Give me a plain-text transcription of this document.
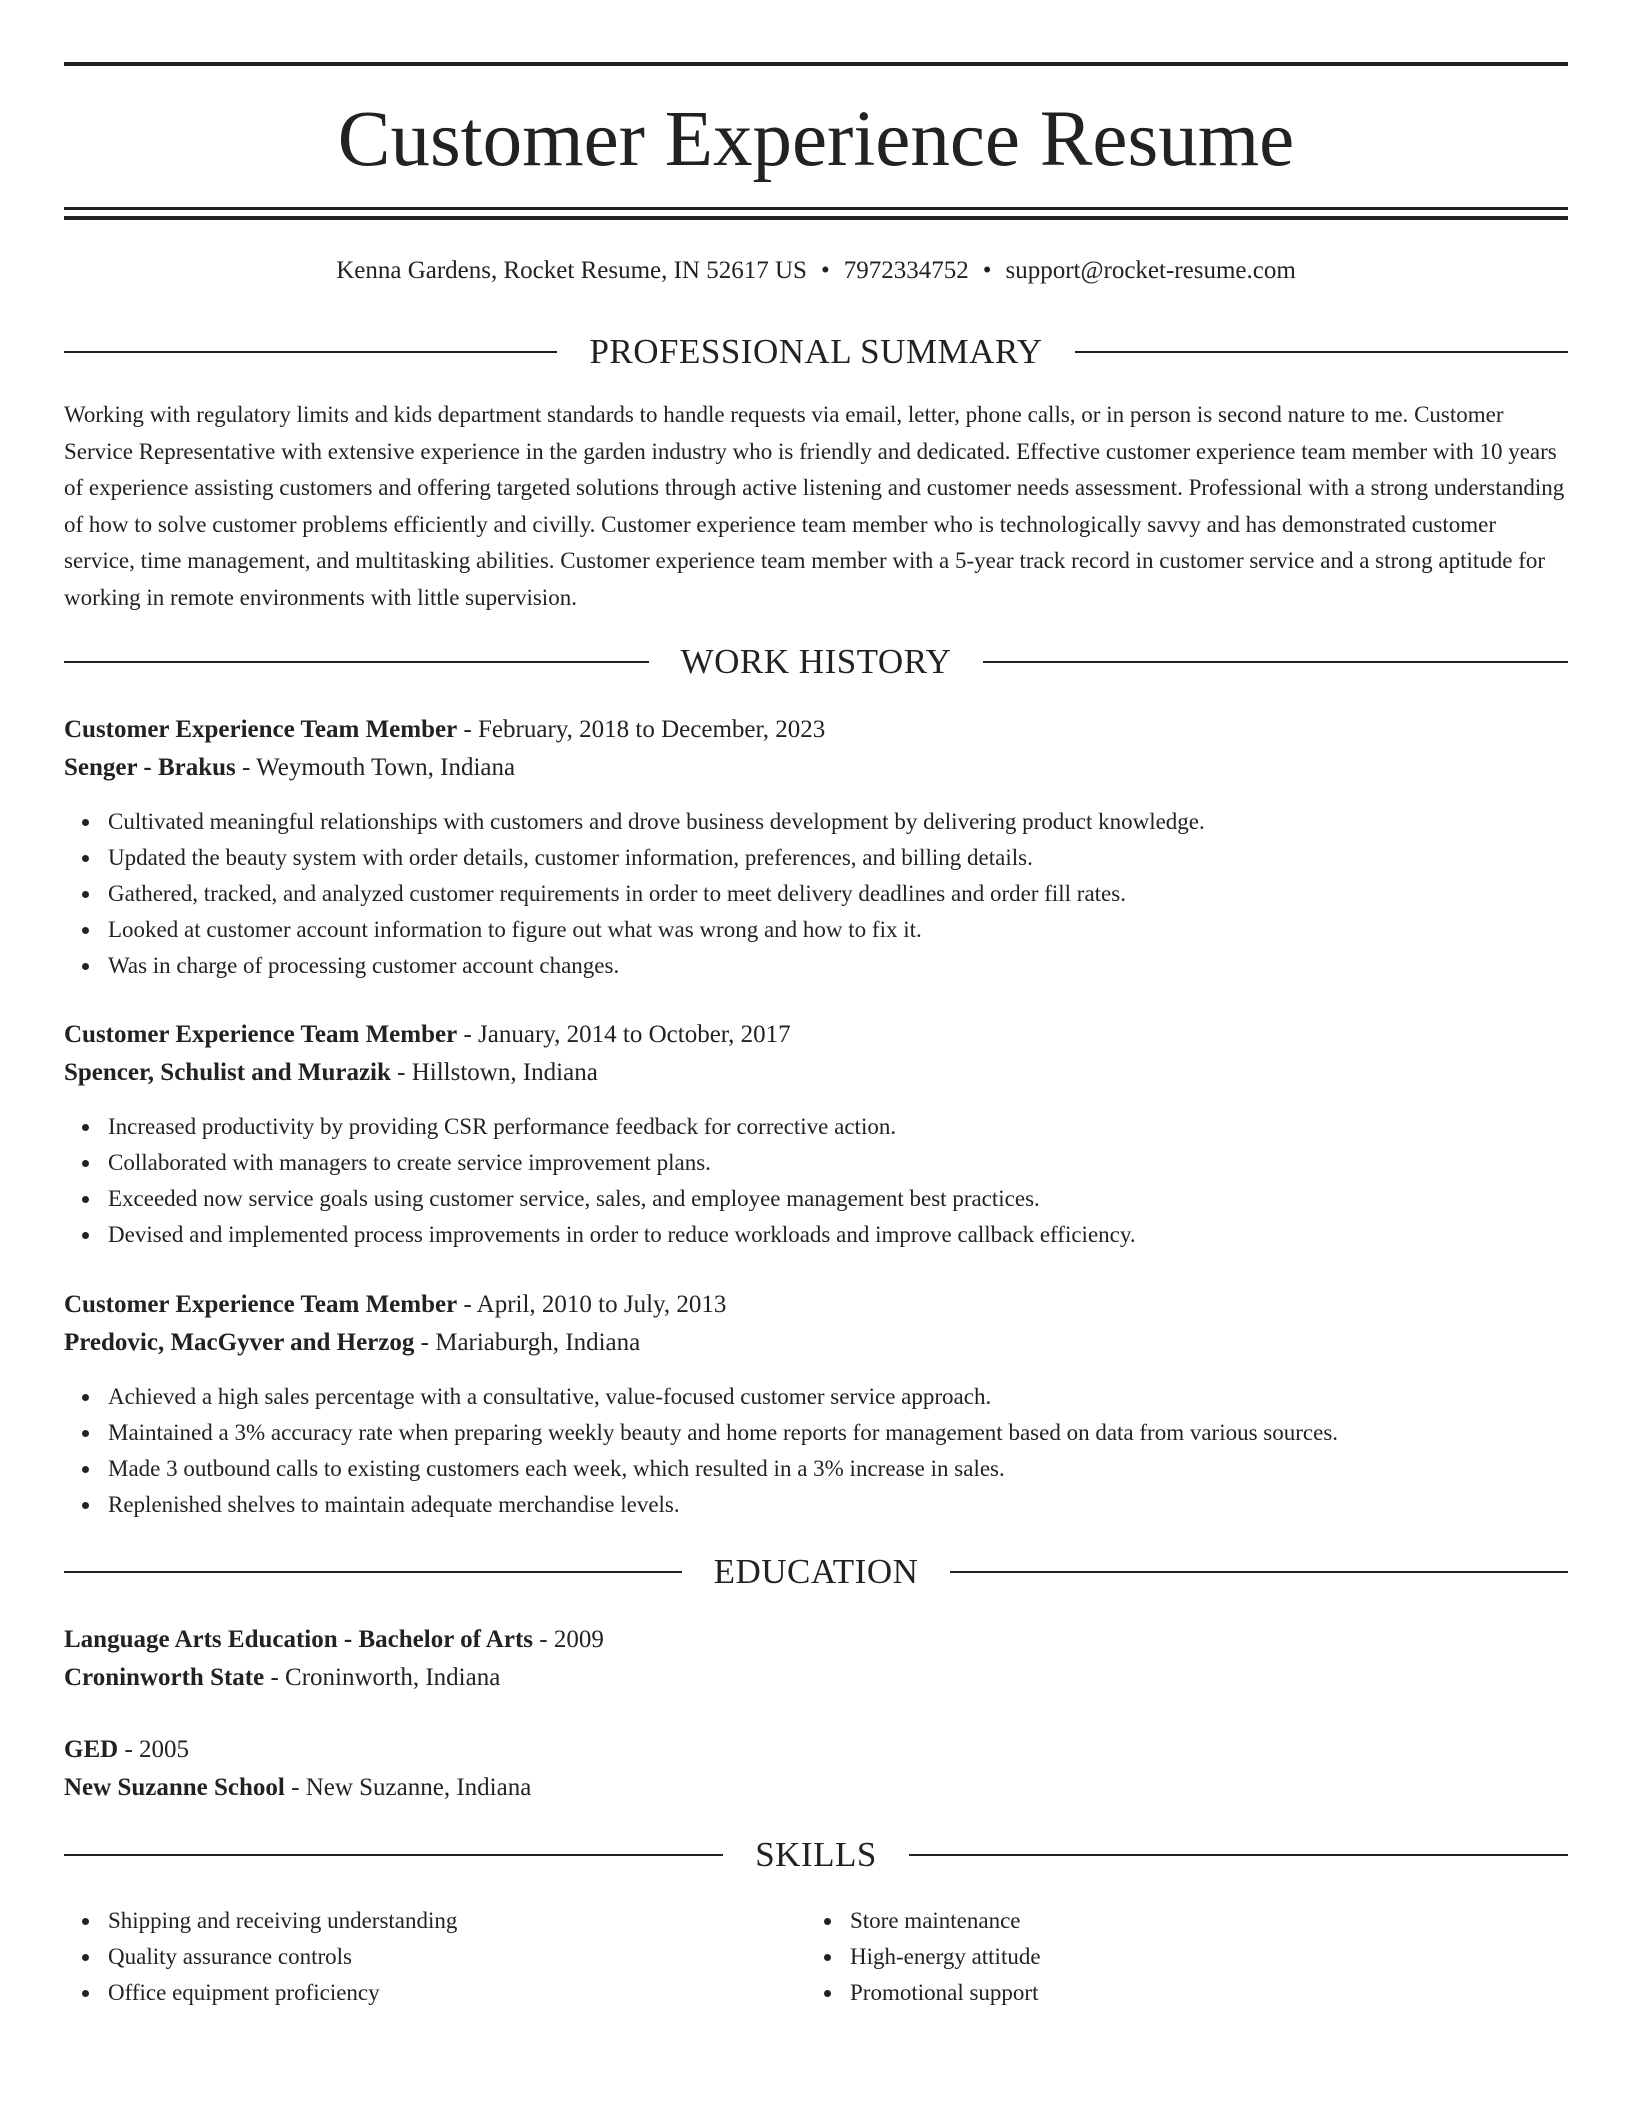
Customer Experience Resume
Kenna Gardens, Rocket Resume, IN 52617 US • 7972334752 • support@rocket-resume.com
PROFESSIONAL SUMMARY

Working with regulatory limits and kids department standards to handle requests via email, letter, phone calls, or in person is second nature to me. Customer Service Representative with extensive experience in the garden industry who is friendly and dedicated. Effective customer experience team member with 10 years of experience assisting customers and offering targeted solutions through active listening and customer needs assessment. Professional with a strong understanding of how to solve customer problems efficiently and civilly. Customer experience team member who is technologically savvy and has demonstrated customer service, time management, and multitasking abilities. Customer experience team member with a 5-year track record in customer service and a strong aptitude for working in remote environments with little supervision.

WORK HISTORY
Customer Experience Team Member - February, 2018 to December, 2023
Senger - Brakus - Weymouth Town, Indiana
Cultivated meaningful relationships with customers and drove business development by delivering product knowledge.
Updated the beauty system with order details, customer information, preferences, and billing details.
Gathered, tracked, and analyzed customer requirements in order to meet delivery deadlines and order fill rates.
Looked at customer account information to figure out what was wrong and how to fix it.
Was in charge of processing customer account changes.
Customer Experience Team Member - January, 2014 to October, 2017
Spencer, Schulist and Murazik - Hillstown, Indiana
Increased productivity by providing CSR performance feedback for corrective action.
Collaborated with managers to create service improvement plans.
Exceeded now service goals using customer service, sales, and employee management best practices.
Devised and implemented process improvements in order to reduce workloads and improve callback efficiency.
Customer Experience Team Member - April, 2010 to July, 2013
Predovic, MacGyver and Herzog - Mariaburgh, Indiana
Achieved a high sales percentage with a consultative, value-focused customer service approach.
Maintained a 3% accuracy rate when preparing weekly beauty and home reports for management based on data from various sources.
Made 3 outbound calls to existing customers each week, which resulted in a 3% increase in sales.
Replenished shelves to maintain adequate merchandise levels.
EDUCATION
Language Arts Education - Bachelor of Arts - 2009
Croninworth State - Croninworth, Indiana
GED - 2005
New Suzanne School - New Suzanne, Indiana
SKILLS
Shipping and receiving understanding
Quality assurance controls
Office equipment proficiency
Store maintenance
High-energy attitude
Promotional support
